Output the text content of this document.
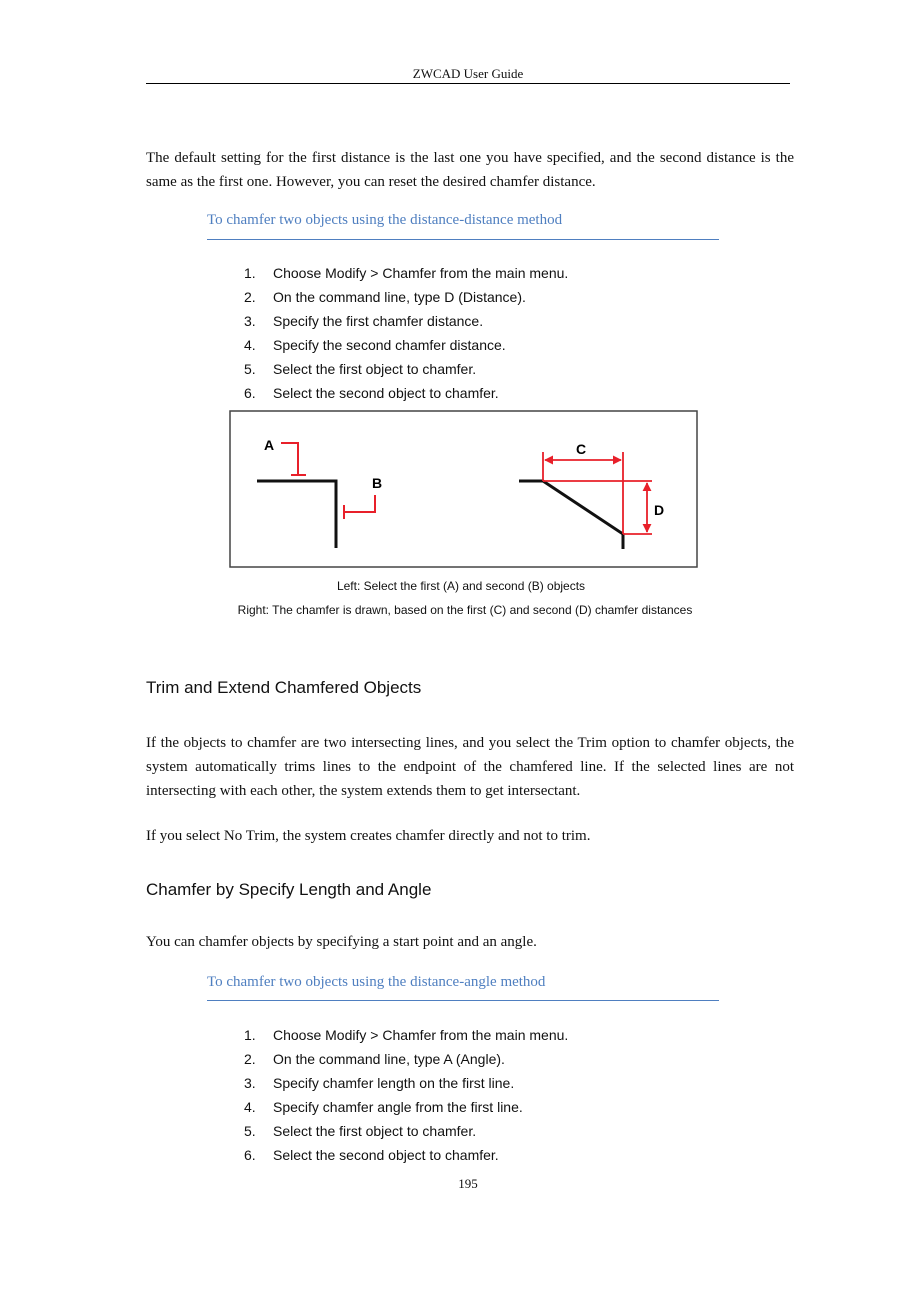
ZWCAD User Guide
The default setting for the first distance is the last one you have specified, and the second distance is the same as the first one. However, you can reset the desired chamfer distance.
To chamfer two objects using the distance-distance method
1.	Choose Modify > Chamfer from the main menu.
2.	On the command line, type D (Distance).
3.	Specify the first chamfer distance.
4.	Specify the second chamfer distance.
5.	Select the first object to chamfer.
6.	Select the second object to chamfer.
A
B
C
D
Left: Select the first (A) and second (B) objects
Right: The chamfer is drawn, based on the first (C) and second (D) chamfer distances
Trim and Extend Chamfered Objects
If the objects to chamfer are two intersecting lines, and you select the Trim option to chamfer objects, the system automatically trims lines to the endpoint of the chamfered line. If the selected lines are not intersecting with each other, the system extends them to get intersectant.
If you select No Trim, the system creates chamfer directly and not to trim.
Chamfer by Specify Length and Angle
You can chamfer objects by specifying a start point and an angle.
To chamfer two objects using the distance-angle method
1.	Choose Modify > Chamfer from the main menu.
2.	On the command line, type A (Angle).
3.	Specify chamfer length on the first line.
4.	Specify chamfer angle from the first line.
5.	Select the first object to chamfer.
6.	Select the second object to chamfer.
195
